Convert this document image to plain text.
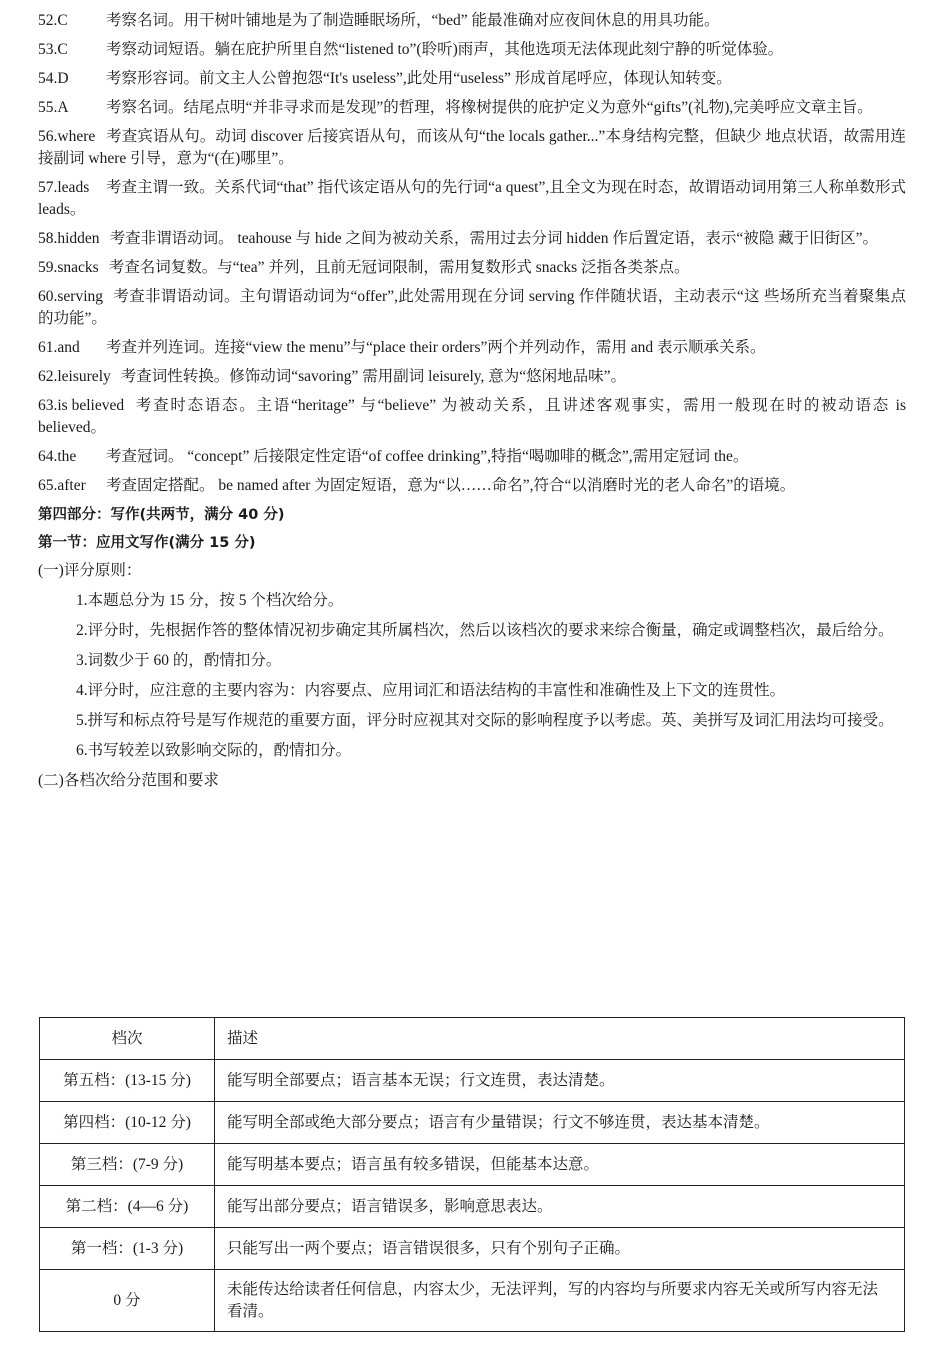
52.C 考察名词。用干树叶铺地是为了制造睡眠场所，“bed” 能最准确对应夜间休息的用具功能。
53.C 考察动词短语。躺在庇护所里自然“listened to”(聆听)雨声，其他选项无法体现此刻宁静的听觉体验。
54.D 考察形容词。前文主人公曾抱怨“It's useless”,此处用“useless” 形成首尾呼应，体现认知转变。
55.A 考察名词。结尾点明“并非寻求而是发现”的哲理，将橡树提供的庇护定义为意外“gifts”(礼物),完美呼应文章主旨。
56.where 考查宾语从句。动词 discover 后接宾语从句，而该从句“the locals gather...”本身结构完整，但缺少 地点状语，故需用连接副词 where 引导，意为“(在)哪里”。
57.leads 考查主谓一致。关系代词“that” 指代该定语从句的先行词“a quest”,且全文为现在时态，故谓语动词用第三人称单数形式 leads。
58.hidden 考查非谓语动词。 teahouse 与 hide 之间为被动关系，需用过去分词 hidden 作后置定语，表示“被隐 藏于旧街区”。
59.snacks 考查名词复数。与“tea” 并列，且前无冠词限制，需用复数形式 snacks 泛指各类茶点。
60.serving 考查非谓语动词。主句谓语动词为“offer”,此处需用现在分词 serving 作伴随状语，主动表示“这 些场所充当着聚集点的功能”。
61.and 考查并列连词。连接“view the menu”与“place their orders”两个并列动作，需用 and 表示顺承关系。
62.leisurely 考查词性转换。修饰动词“savoring” 需用副词 leisurely, 意为“悠闲地品味”。
63.is believed 考查时态语态。主语“heritage” 与“believe” 为被动关系，且讲述客观事实，需用一般现在时的被动语态 is believed。
64.the 考查冠词。 “concept” 后接限定性定语“of coffee drinking”,特指“喝咖啡的概念”,需用定冠词 the。
65.after 考查固定搭配。 be named after 为固定短语，意为“以……命名”,符合“以消磨时光的老人命名”的语境。
第四部分：写作(共两节，满分 40 分)
第一节：应用文写作(满分 15 分)
(一)评分原则：
1.本题总分为 15 分，按 5 个档次给分。
2.评分时，先根据作答的整体情况初步确定其所属档次，然后以该档次的要求来综合衡量，确定或调整档次，最后给分。
3.词数少于 60 的，酌情扣分。
4.评分时，应注意的主要内容为：内容要点、应用词汇和语法结构的丰富性和准确性及上下文的连贯性。
5.拼写和标点符号是写作规范的重要方面，评分时应视其对交际的影响程度予以考虑。英、美拼写及词汇用法均可接受。
6.书写较差以致影响交际的，酌情扣分。
(二)各档次给分范围和要求
档次	描述
第五档：(13-15 分)	能写明全部要点；语言基本无误；行文连贯，表达清楚。
第四档：(10-12 分)	能写明全部或绝大部分要点；语言有少量错误；行文不够连贯，表达基本清楚。
第三档：(7-9 分)	能写明基本要点；语言虽有较多错误，但能基本达意。
第二档：(4—6 分)	能写出部分要点；语言错误多，影响意思表达。
第一档：(1-3 分)	只能写出一两个要点；语言错误很多，只有个别句子正确。
0 分	未能传达给读者任何信息，内容太少，无法评判，写的内容均与所要求内容无关或所写内容无法看清。
